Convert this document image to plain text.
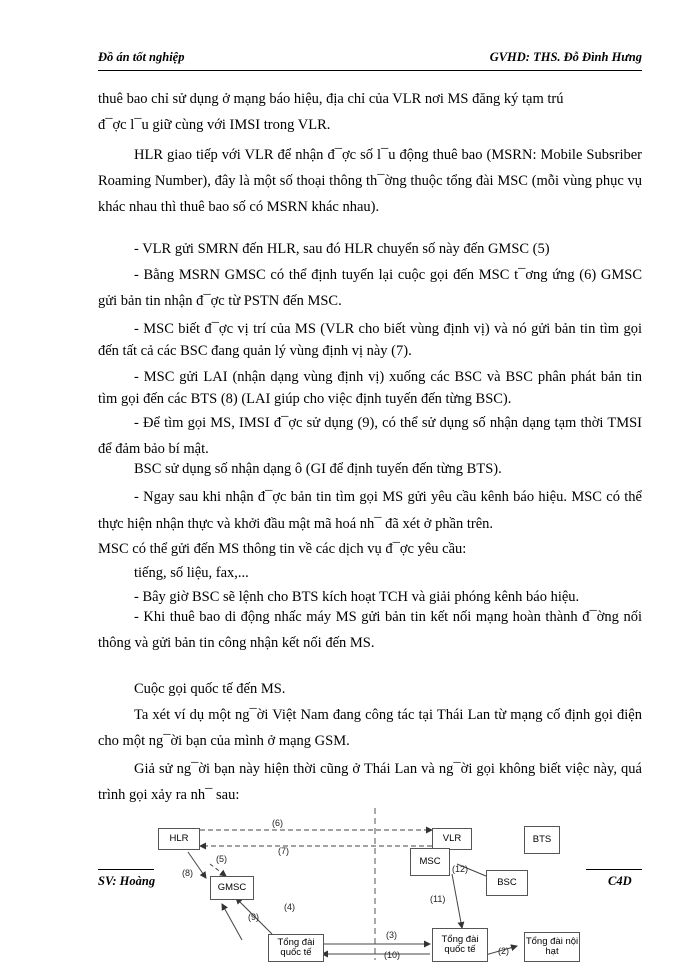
Đồ án tốt nghiệp	GVHD: THS. Đỗ Đình Hưng
thuê bao chỉ sử dụng ở mạng báo hiệu, địa chỉ của VLR nơi MS đăng ký tạm trú
đ¯ợc l¯u giữ cùng với IMSI trong VLR.
HLR giao tiếp với VLR để nhận đ¯ợc số l¯u động thuê bao (MSRN: Mobile Subsriber Roaming Number), đây là một số thoại thông th¯ờng thuộc tổng đài MSC (mỗi vùng phục vụ khác nhau thì thuê bao số có MSRN khác nhau).
- VLR gửi SMRN đến HLR, sau đó HLR chuyển số này đến GMSC (5)
- Bằng MSRN GMSC có thể định tuyến lại cuộc gọi đến MSC t¯ơng ứng (6) GMSC gửi bản tin nhận đ¯ợc từ PSTN đến MSC.
- MSC biết đ¯ợc vị trí của MS (VLR cho biết vùng định vị) và nó gửi bản tin tìm gọi đến tất cả các BSC đang quản lý vùng định vị này (7).
- MSC gửi LAI (nhận dạng vùng định vị) xuống các BSC và BSC phân phát bản tin tìm gọi đến các BTS (8) (LAI giúp cho việc định tuyến đến từng BSC).
- Để tìm gọi MS, IMSI đ¯ợc sử dụng (9), có thể sử dụng số nhận dạng tạm thời TMSI để đảm bảo bí mật.
BSC sử dụng số nhận dạng ô (GI để định tuyến đến từng BTS).
- Ngay sau khi nhận đ¯ợc bản tin tìm gọi MS gửi yêu cầu kênh báo hiệu. MSC có thể thực hiện nhận thực và khởi đầu mật mã hoá nh¯ đã xét ở phần trên.
MSC có thể gửi đến MS thông tin về các dịch vụ đ¯ợc yêu cầu:
tiếng, số liệu, fax,...
- Bây giờ BSC sẽ lệnh cho BTS kích hoạt TCH và giải phóng kênh báo hiệu.
- Khi thuê bao di động nhấc máy MS gửi bản tin kết nối mạng hoàn thành đ¯ờng nối thông và gửi bản tin công nhận kết nối đến MS.
Cuộc gọi quốc tế đến MS.
Ta xét ví dụ một ng¯ời Việt Nam đang công tác tại Thái Lan từ mạng cố định gọi điện cho một ng¯ời bạn của mình ở mạng GSM.
Giả sử ng¯ời bạn này hiện thời cũng ở Thái Lan và ng¯ời gọi không biết việc này, quá trình gọi xảy ra nh¯ sau:
HLR	VLR	BTS
MSC
BSC
GMSC
Tổng đài quốc tế
Tổng đài quốc tế
Tổng đài nội hạt
(6)
(7)
(5)
(8)
(4)
(9)
(12)
(11)
(3)
(10)	(2)
SV: Hoàng	C4D
